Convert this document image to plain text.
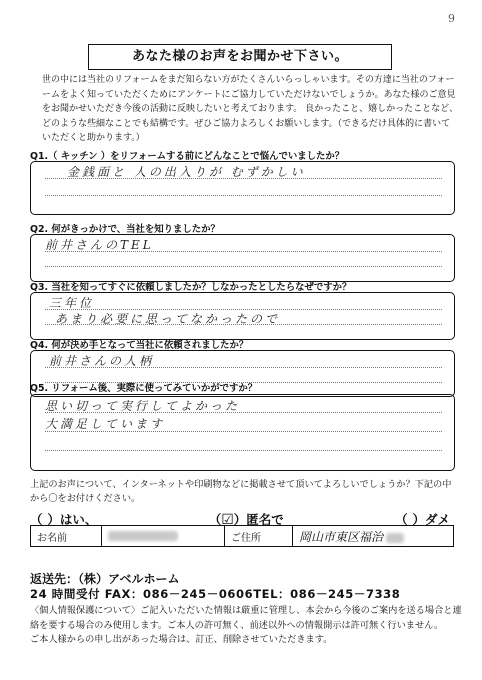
9
あなた様のお声をお聞かせ下さい。
世の中には当社のリフォームをまだ知らない方がたくさんいらっしゃいます。その方達に当社のフォー
ームをよく知っていただくためにアンケートにご協力していただけないでしょうか。あなた様のご意見
をお聞かせいただき今後の活動に反映したいと考えております。 良かったこと、嬉しかったことなど、
どのような些細なことでも結構です。ぜひご協力よろしくお願いします。（できるだけ具体的に書いて
いただくと助かります。）
Q1.（ キッチン ）をリフォームする前にどんなことで悩んでいましたか？
金銭面と 人の出入りが むずかしい
Q2. 何がきっかけで、当社を知りましたか？
前井さんのTEL
Q3. 当社を知ってすぐに依頼しましたか？しなかったとしたらなぜですか？
三年位
あまり必要に思ってなかったので
Q4. 何が決め手となって当社に依頼されましたか？
前井さんの人柄
Q5. リフォーム後、実際に使ってみていかがですか？
思い切って実行してよかった
大満足しています
上記のお声について、インターネットや印刷物などに掲載させて頂いてよろしいでしょうか？下記の中
から〇をお付けください。
（ ）はい、	（☑）匿名で	（ ）ダメ
お名前		ご住所	岡山市東区福治
返送先：（株）アベルホーム
24 時間受付 FAX：086－245－0606TEL：086－245－7338
〈個人情報保護について〉ご記入いただいた情報は厳重に管理し、本会から今後のご案内を送る場合と連
絡を要する場合のみ使用します。ご本人の許可無く、前述以外への情報開示は許可無く行いません。
ご本人様からの申し出があった場合は、訂正、削除させていただきます。
